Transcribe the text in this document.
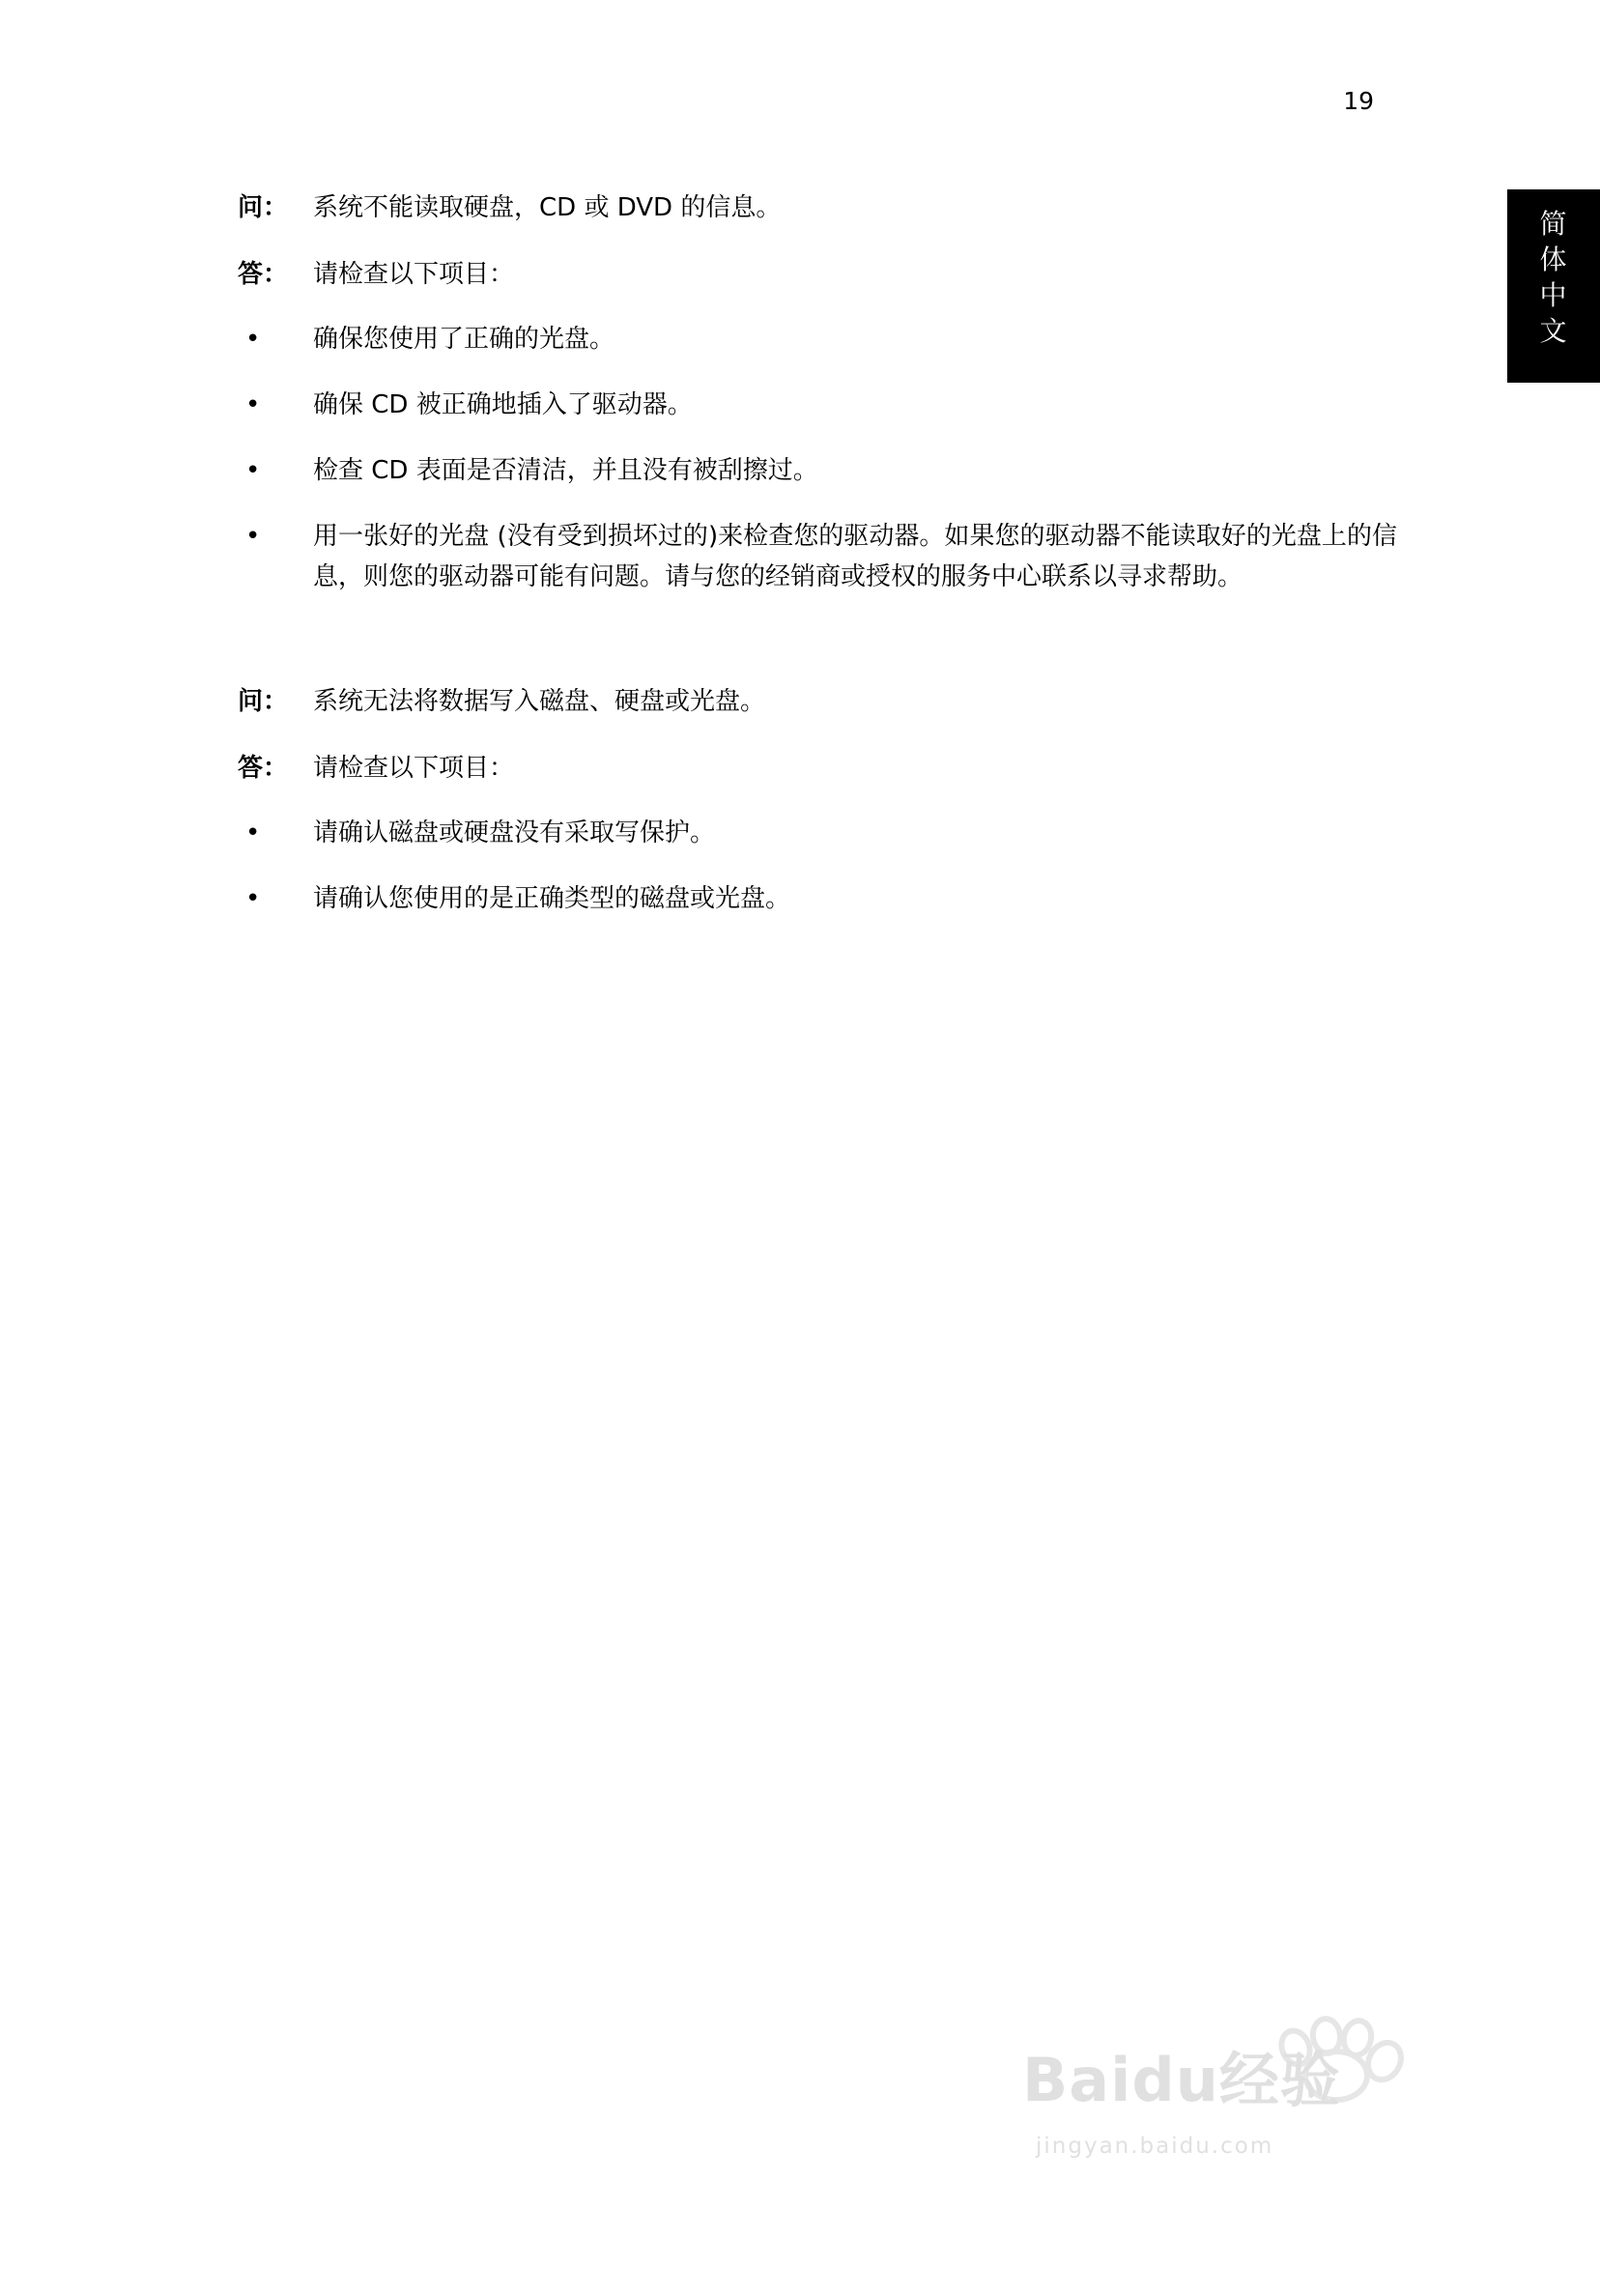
19
简
体
中
文
问： 系统不能读取硬盘，CD 或 DVD 的信息。
答： 请检查以下项目：
• 确保您使用了正确的光盘。
• 确保 CD 被正确地插入了驱动器。
• 检查 CD 表面是否清洁，并且没有被刮擦过。
• 用一张好的光盘 (没有受到损坏过的)来检查您的驱动器。如果您的驱动器不能读取好的光盘上的信息，则您的驱动器可能有问题。请与您的经销商或授权的服务中心联系以寻求帮助。
问： 系统无法将数据写入磁盘、硬盘或光盘。
答： 请检查以下项目：
• 请确认磁盘或硬盘没有采取写保护。
• 请确认您使用的是正确类型的磁盘或光盘。
Baidu经验
jingyan.baidu.com
